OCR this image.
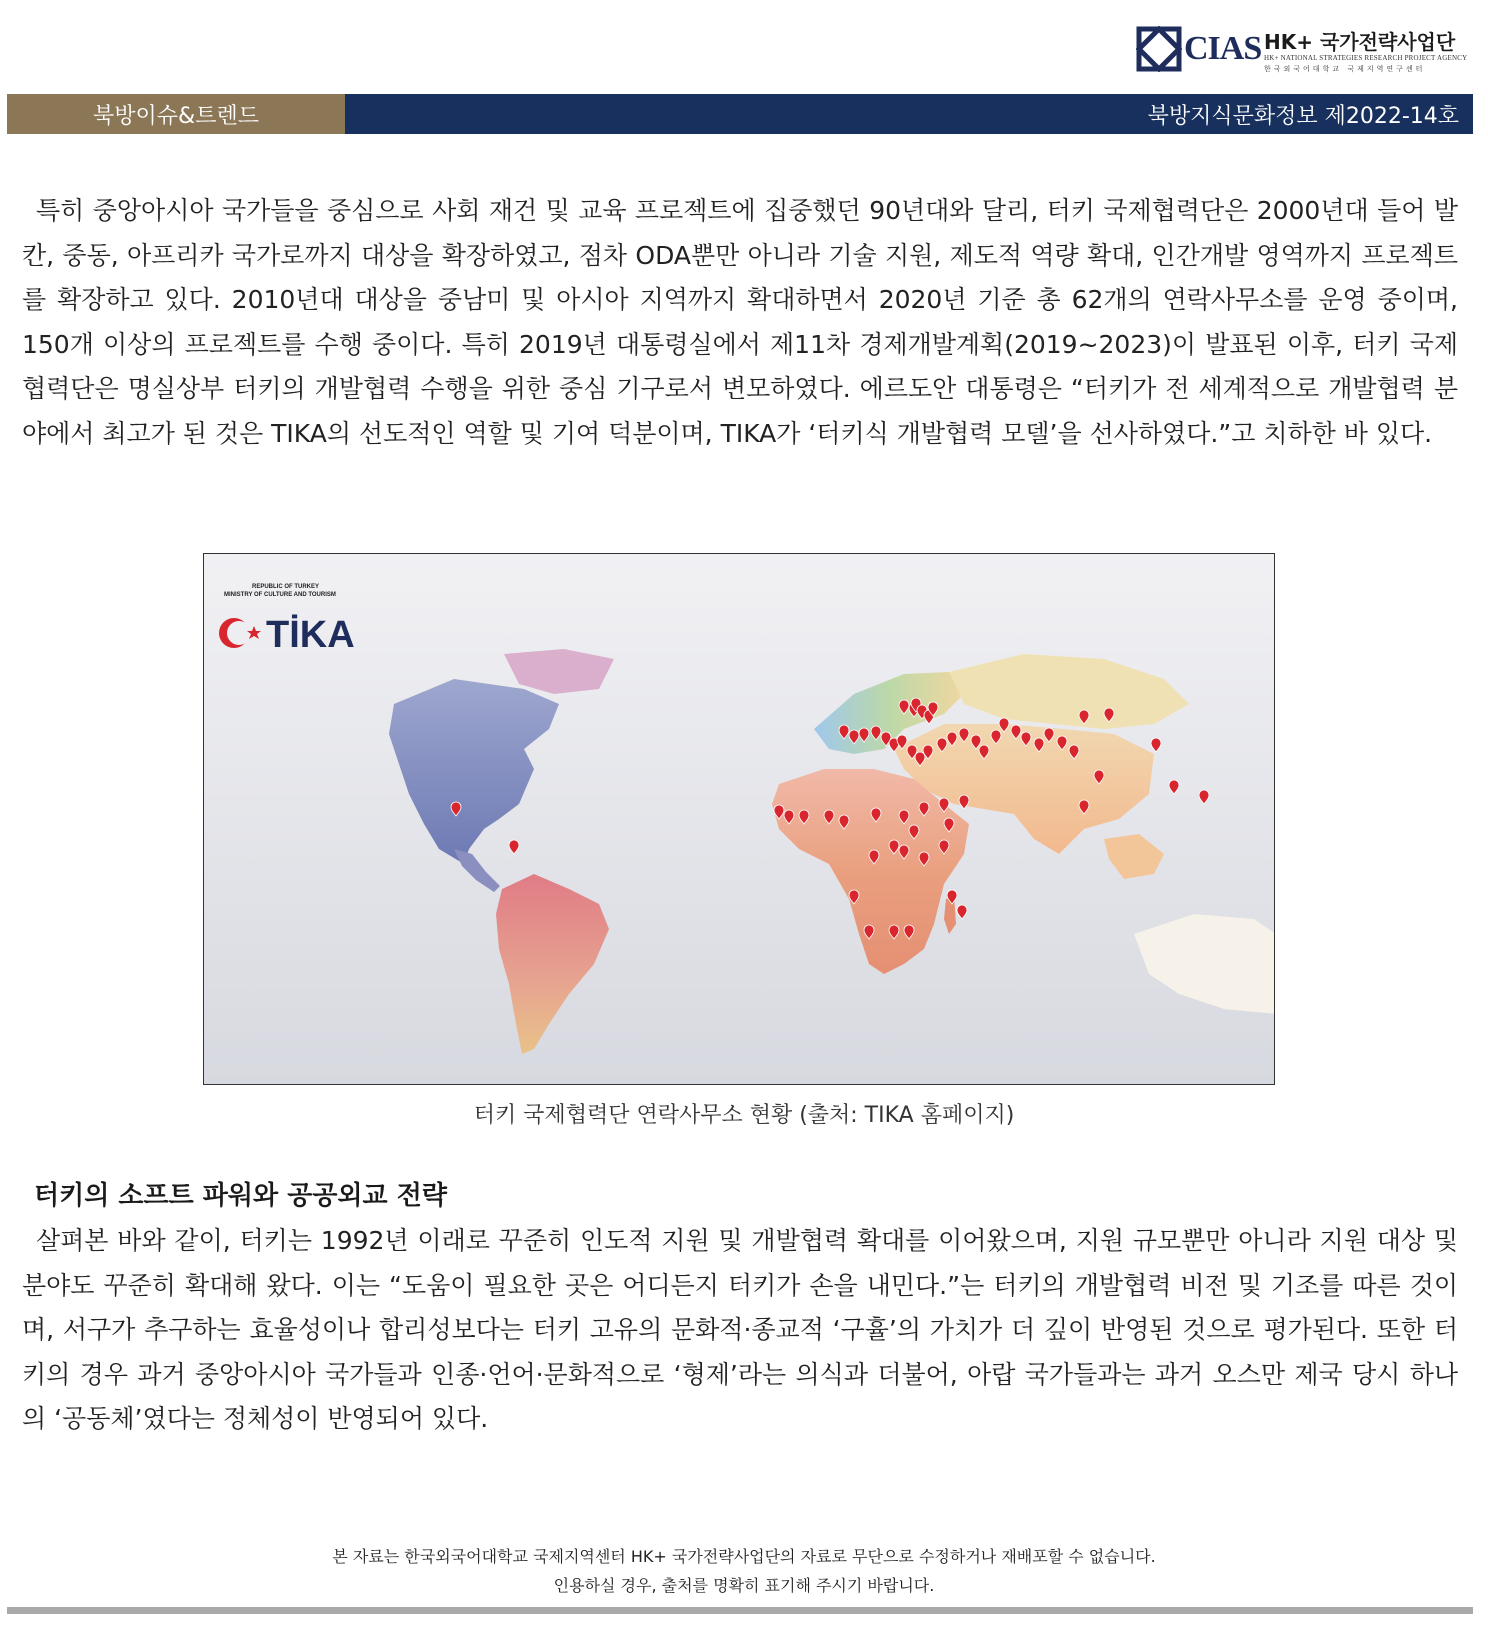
CIAS HK+ 국가전략사업단
HK+ NATIONAL STRATEGIES RESEARCH PROJECT AGENCY
한국외국어대학교 국제지역연구센터
북방이슈&트렌드	북방지식문화정보 제2022-14호

특히 중앙아시아 국가들을 중심으로 사회 재건 및 교육 프로젝트에 집중했던 90년대와 달리, 터키 국제협력단은 2000년대 들어 발칸, 중동, 아프리카 국가로까지 대상을 확장하였고, 점차 ODA뿐만 아니라 기술 지원, 제도적 역량 확대, 인간개발 영역까지 프로젝트를 확장하고 있다. 2010년대 대상을 중남미 및 아시아 지역까지 확대하면서 2020년 기준 총 62개의 연락사무소를 운영 중이며, 150개 이상의 프로젝트를 수행 중이다. 특히 2019년 대통령실에서 제11차 경제개발계획(2019~2023)이 발표된 이후, 터키 국제협력단은 명실상부 터키의 개발협력 수행을 위한 중심 기구로서 변모하였다. 에르도안 대통령은 “터키가 전 세계적으로 개발협력 분야에서 최고가 된 것은 TIKA의 선도적인 역할 및 기여 덕분이며, TIKA가 ‘터키식 개발협력 모델’을 선사하였다.”고 치하한 바 있다.

REPUBLIC OF TURKEY
MINISTRY OF CULTURE AND TOURISM
TİKA
터키 국제협력단 연락사무소 현황 (출처: TIKA 홈페이지)
터키의 소프트 파워와 공공외교 전략

살펴본 바와 같이, 터키는 1992년 이래로 꾸준히 인도적 지원 및 개발협력 확대를 이어왔으며, 지원 규모뿐만 아니라 지원 대상 및 분야도 꾸준히 확대해 왔다. 이는 “도움이 필요한 곳은 어디든지 터키가 손을 내민다.”는 터키의 개발협력 비전 및 기조를 따른 것이며, 서구가 추구하는 효율성이나 합리성보다는 터키 고유의 문화적·종교적 ‘구휼’의 가치가 더 깊이 반영된 것으로 평가된다. 또한 터키의 경우 과거 중앙아시아 국가들과 인종·언어·문화적으로 ‘형제’라는 의식과 더불어, 아랍 국가들과는 과거 오스만 제국 당시 하나의 ‘공동체’였다는 정체성이 반영되어 있다.

본 자료는 한국외국어대학교 국제지역센터 HK+ 국가전략사업단의 자료로 무단으로 수정하거나 재배포할 수 없습니다.
인용하실 경우, 출처를 명확히 표기해 주시기 바랍니다.
